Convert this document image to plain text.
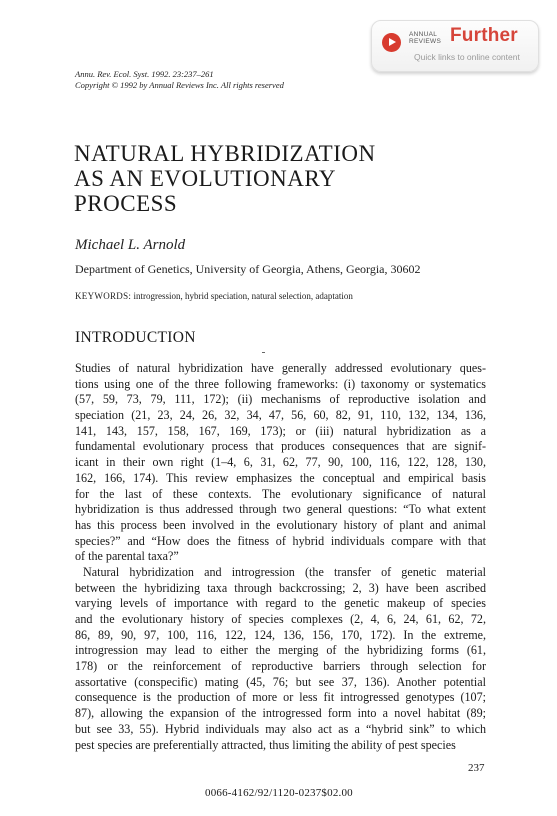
ANNUAL REVIEWS Further
Quick links to online content
Annu. Rev. Ecol. Syst. 1992. 23:237–261
Copyright © 1992 by Annual Reviews Inc. All rights reserved
NATURAL HYBRIDIZATION
AS AN EVOLUTIONARY
PROCESS
Michael L. Arnold
Department of Genetics, University of Georgia, Athens, Georgia, 30602
KEYWORDS: introgression, hybrid speciation, natural selection, adaptation
INTRODUCTION
Studies of natural hybridization have generally addressed evolutionary ques-
tions using one of the three following frameworks: (i) taxonomy or systematics
(57, 59, 73, 79, 111, 172); (ii) mechanisms of reproductive isolation and
speciation (21, 23, 24, 26, 32, 34, 47, 56, 60, 82, 91, 110, 132, 134, 136,
141, 143, 157, 158, 167, 169, 173); or (iii) natural hybridization as a
fundamental evolutionary process that produces consequences that are signif-
icant in their own right (1–4, 6, 31, 62, 77, 90, 100, 116, 122, 128, 130,
162, 166, 174). This review emphasizes the conceptual and empirical basis
for the last of these contexts. The evolutionary significance of natural
hybridization is thus addressed through two general questions: “To what extent
has this process been involved in the evolutionary history of plant and animal
species?” and “How does the fitness of hybrid individuals compare with that
of the parental taxa?”
Natural hybridization and introgression (the transfer of genetic material
between the hybridizing taxa through backcrossing; 2, 3) have been ascribed
varying levels of importance with regard to the genetic makeup of species
and the evolutionary history of species complexes (2, 4, 6, 24, 61, 62, 72,
86, 89, 90, 97, 100, 116, 122, 124, 136, 156, 170, 172). In the extreme,
introgression may lead to either the merging of the hybridizing forms (61,
178) or the reinforcement of reproductive barriers through selection for
assortative (conspecific) mating (45, 76; but see 37, 136). Another potential
consequence is the production of more or less fit introgressed genotypes (107;
87), allowing the expansion of the introgressed form into a novel habitat (89;
but see 33, 55). Hybrid individuals may also act as a “hybrid sink” to which
pest species are preferentially attracted, thus limiting the ability of pest species
237
0066-4162/92/1120-0237$02.00
